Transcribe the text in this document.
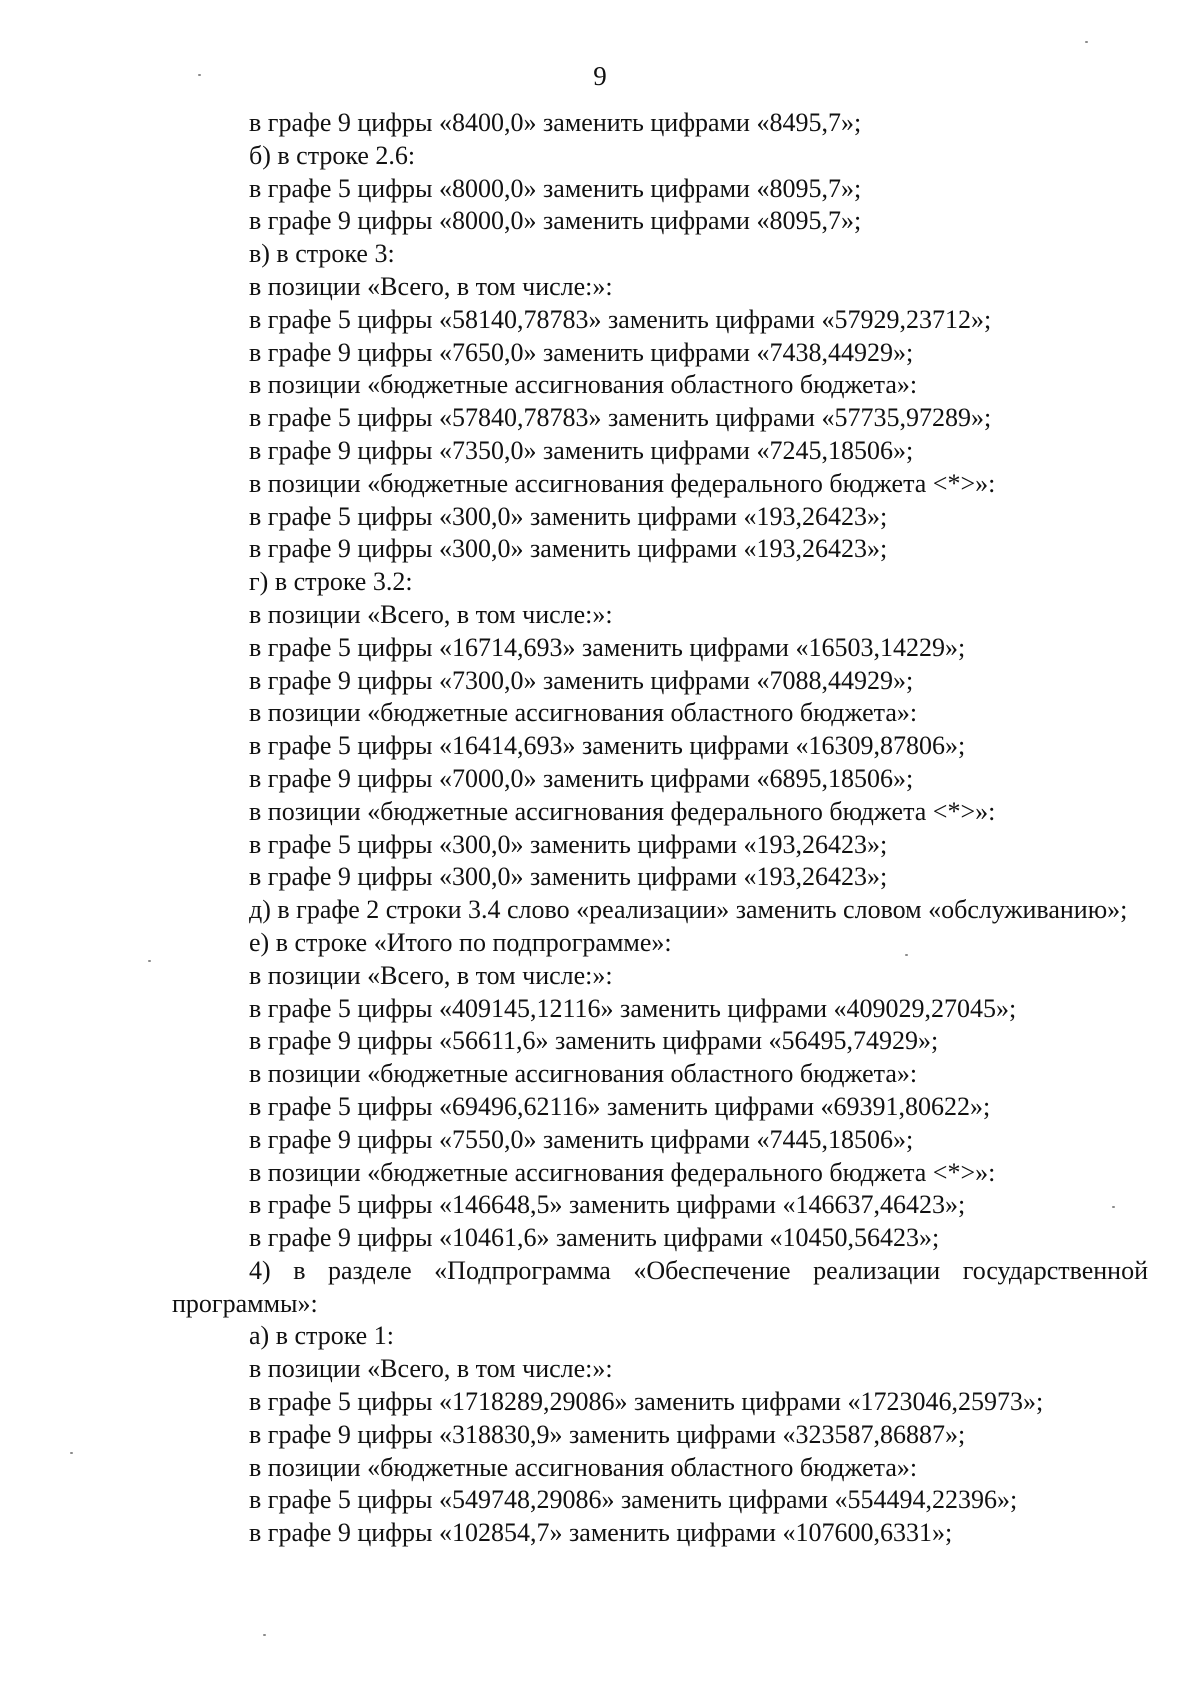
9
в графе 9 цифры «8400,0» заменить цифрами «8495,7»;
б) в строке 2.6:
в графе 5 цифры «8000,0» заменить цифрами «8095,7»;
в графе 9 цифры «8000,0» заменить цифрами «8095,7»;
в) в строке 3:
в позиции «Всего, в том числе:»:
в графе 5 цифры «58140,78783» заменить цифрами «57929,23712»;
в графе 9 цифры «7650,0» заменить цифрами «7438,44929»;
в позиции «бюджетные ассигнования областного бюджета»:
в графе 5 цифры «57840,78783» заменить цифрами «57735,97289»;
в графе 9 цифры «7350,0» заменить цифрами «7245,18506»;
в позиции «бюджетные ассигнования федерального бюджета <*>»:
в графе 5 цифры «300,0» заменить цифрами «193,26423»;
в графе 9 цифры «300,0» заменить цифрами «193,26423»;
г) в строке 3.2:
в позиции «Всего, в том числе:»:
в графе 5 цифры «16714,693» заменить цифрами «16503,14229»;
в графе 9 цифры «7300,0» заменить цифрами «7088,44929»;
в позиции «бюджетные ассигнования областного бюджета»:
в графе 5 цифры «16414,693» заменить цифрами «16309,87806»;
в графе 9 цифры «7000,0» заменить цифрами «6895,18506»;
в позиции «бюджетные ассигнования федерального бюджета <*>»:
в графе 5 цифры «300,0» заменить цифрами «193,26423»;
в графе 9 цифры «300,0» заменить цифрами «193,26423»;
д) в графе 2 строки 3.4 слово «реализации» заменить словом «обслуживанию»;
е) в строке «Итого по подпрограмме»:
в позиции «Всего, в том числе:»:
в графе 5 цифры «409145,12116» заменить цифрами «409029,27045»;
в графе 9 цифры «56611,6» заменить цифрами «56495,74929»;
в позиции «бюджетные ассигнования областного бюджета»:
в графе 5 цифры «69496,62116» заменить цифрами «69391,80622»;
в графе 9 цифры «7550,0» заменить цифрами «7445,18506»;
в позиции «бюджетные ассигнования федерального бюджета <*>»:
в графе 5 цифры «146648,5» заменить цифрами «146637,46423»;
в графе 9 цифры «10461,6» заменить цифрами «10450,56423»;
4) в разделе «Подпрограмма «Обеспечение реализации государственной программы»:
а) в строке 1:
в позиции «Всего, в том числе:»:
в графе 5 цифры «1718289,29086» заменить цифрами «1723046,25973»;
в графе 9 цифры «318830,9» заменить цифрами «323587,86887»;
в позиции «бюджетные ассигнования областного бюджета»:
в графе 5 цифры «549748,29086» заменить цифрами «554494,22396»;
в графе 9 цифры «102854,7» заменить цифрами «107600,6331»;
